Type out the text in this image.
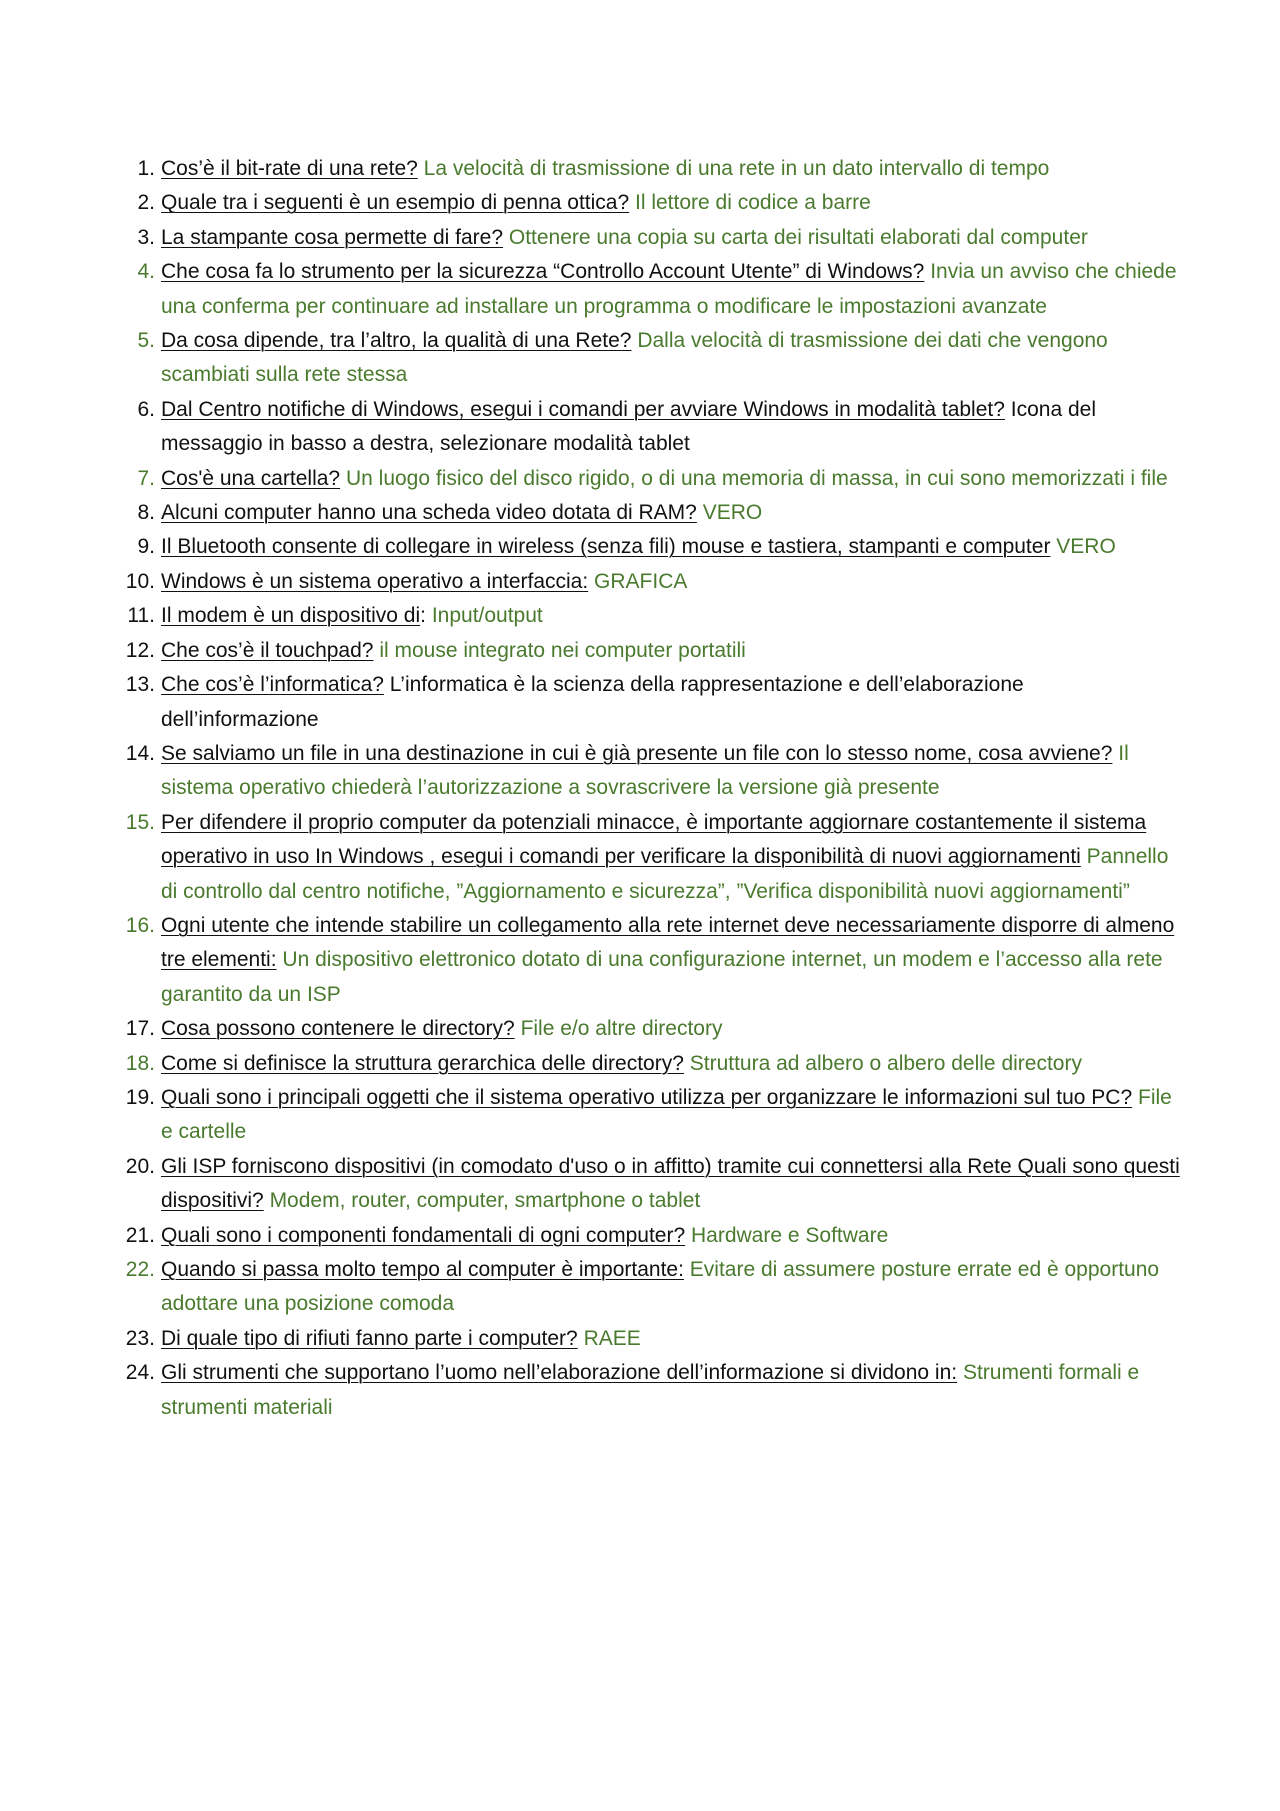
1. Cos’è il bit-rate di una rete? La velocità di trasmissione di una rete in un dato intervallo di tempo
2. Quale tra i seguenti è un esempio di penna ottica? Il lettore di codice a barre
3. La stampante cosa permette di fare? Ottenere una copia su carta dei risultati elaborati dal computer
4. Che cosa fa lo strumento per la sicurezza “Controllo Account Utente” di Windows? Invia un avviso che chiede una conferma per continuare ad installare un programma o modificare le impostazioni avanzate
5. Da cosa dipende, tra l’altro, la qualità di una Rete? Dalla velocità di trasmissione dei dati che vengono scambiati sulla rete stessa
6. Dal Centro notifiche di Windows, esegui i comandi per avviare Windows in modalità tablet? Icona del messaggio in basso a destra, selezionare modalità tablet
7. Cos'è una cartella? Un luogo fisico del disco rigido, o di una memoria di massa, in cui sono memorizzati i file
8. Alcuni computer hanno una scheda video dotata di RAM? VERO
9. Il Bluetooth consente di collegare in wireless (senza fili) mouse e tastiera, stampanti e computer VERO
10. Windows è un sistema operativo a interfaccia: GRAFICA
11. Il modem è un dispositivo di: Input/output
12. Che cos’è il touchpad? il mouse integrato nei computer portatili
13. Che cos’è l’informatica? L’informatica è la scienza della rappresentazione e dell’elaborazione dell’informazione
14. Se salviamo un file in una destinazione in cui è già presente un file con lo stesso nome, cosa avviene? Il sistema operativo chiederà l’autorizzazione a sovrascrivere la versione già presente
15. Per difendere il proprio computer da potenziali minacce, è importante aggiornare costantemente il sistema operativo in uso In Windows , esegui i comandi per verificare la disponibilità di nuovi aggiornamenti Pannello di controllo dal centro notifiche, ”Aggiornamento e sicurezza”, ”Verifica disponibilità nuovi aggiornamenti”
16. Ogni utente che intende stabilire un collegamento alla rete internet deve necessariamente disporre di almeno tre elementi: Un dispositivo elettronico dotato di una configurazione internet, un modem e l’accesso alla rete garantito da un ISP
17. Cosa possono contenere le directory? File e/o altre directory
18. Come si definisce la struttura gerarchica delle directory? Struttura ad albero o albero delle directory
19. Quali sono i principali oggetti che il sistema operativo utilizza per organizzare le informazioni sul tuo PC? File e cartelle
20. Gli ISP forniscono dispositivi (in comodato d'uso o in affitto) tramite cui connettersi alla Rete Quali sono questi dispositivi? Modem, router, computer, smartphone o tablet
21. Quali sono i componenti fondamentali di ogni computer? Hardware e Software
22. Quando si passa molto tempo al computer è importante: Evitare di assumere posture errate ed è opportuno adottare una posizione comoda
23. Di quale tipo di rifiuti fanno parte i computer? RAEE
24. Gli strumenti che supportano l’uomo nell’elaborazione dell’informazione si dividono in: Strumenti formali e strumenti materiali
